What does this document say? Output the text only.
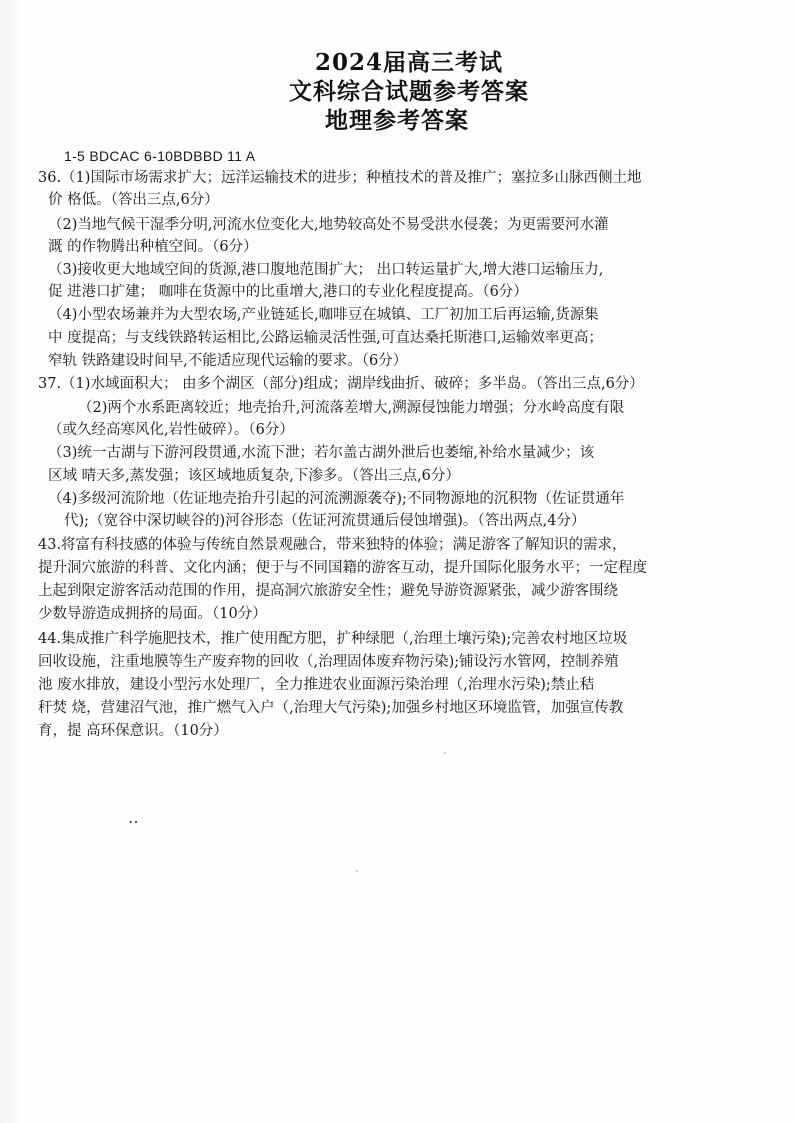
2024届高三考试
文科综合试题参考答案
地理参考答案
1-5 BDCAC 6-10BDBBD 11 A
36.（1)国际市场需求扩大；远洋运输技术的进步；种植技术的普及推广；塞拉多山脉西侧土地
价 格低。（答出三点,6分）
（2)当地气候干湿季分明,河流水位变化大,地势较高处不易受洪水侵袭；为更需要河水灌
溉 的作物腾出种植空间。（6分）
（3)接收更大地域空间的货源,港口腹地范围扩大； 出口转运量扩大,增大港口运输压力,
促 进港口扩建； 咖啡在货源中的比重增大,港口的专业化程度提高。（6分）
（4)小型农场兼并为大型农场,产业链延长,咖啡豆在城镇、工厂初加工后再运输,货源集
中 度提高；与支线铁路转运相比,公路运输灵活性强,可直达桑托斯港口,运输效率更高；
窄轨 铁路建设时间早,不能适应现代运输的要求。（6分）
37.（1)水域面积大； 由多个湖区（部分)组成；湖岸线曲折、破碎；多半岛。（答出三点,6分）
（2)两个水系距离较近；地壳抬升,河流落差增大,溯源侵蚀能力增强；分水岭高度有限
（或久经高寒风化,岩性破碎）。（6分）
（3)统一古湖与下游河段贯通,水流下泄；若尔盖古湖外泄后也萎缩,补给水量减少；该
区域 晴天多,蒸发强；该区域地质复杂,下渗多。（答出三点,6分）
（4)多级河流阶地（佐证地壳抬升引起的河流溯源袭夺);不同物源地的沉积物（佐证贯通年
代);（宽谷中深切峡谷的)河谷形态（佐证河流贯通后侵蚀增强)。（答出两点,4分）
43.将富有科技感的体验与传统自然景观融合，带来独特的体验；满足游客了解知识的需求，
提升洞穴旅游的科普、文化内涵；便于与不同国籍的游客互动，提升国际化服务水平；一定程度
上起到限定游客活动范围的作用，提高洞穴旅游安全性；避免导游资源紧张，减少游客围绕
少数导游造成拥挤的局面。（10分）
44.集成推广科学施肥技术，推广使用配方肥，扩种绿肥（,治理土壤污染);完善农村地区垃圾
回收设施，注重地膜等生产废弃物的回收（,治理固体废弃物污染);铺设污水管网，控制养殖
池 废水排放，建设小型污水处理厂，全力推进农业面源污染治理（,治理水污染);禁止秸
秆焚 烧，营建沼气池，推广燃气入户（,治理大气污染);加强乡村地区环境监管，加强宣传教
育，提 高环保意识。（10分）
‥
